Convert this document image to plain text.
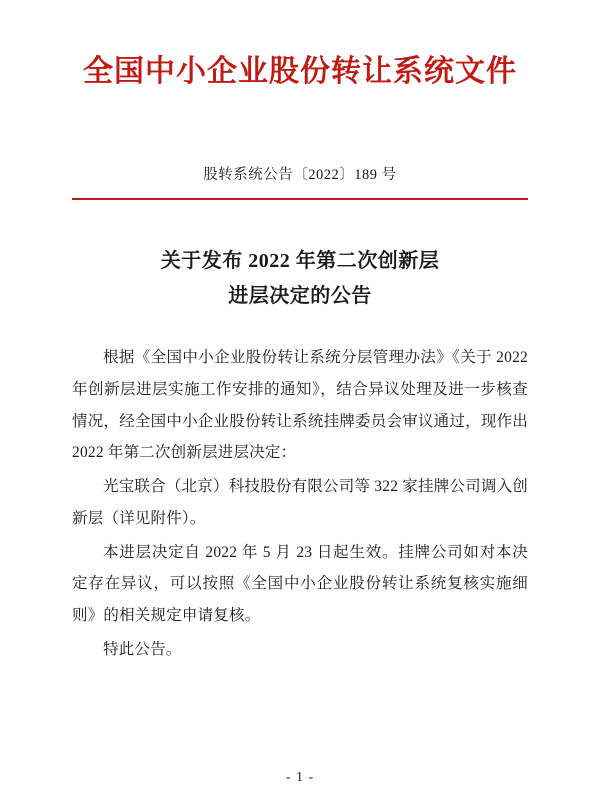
全国中小企业股份转让系统文件
股转系统公告〔2022〕189 号
关于发布 2022 年第二次创新层
进层决定的公告

根据《全国中小企业股份转让系统分层管理办法》《关于 2022 年创新层进层实施工作安排的通知》，结合异议处理及进一步核查情况，经全国中小企业股份转让系统挂牌委员会审议通过，现作出 2022 年第二次创新层进层决定：

光宝联合（北京）科技股份有限公司等 322 家挂牌公司调入创新层（详见附件）。

本进层决定自 2022 年 5 月 23 日起生效。挂牌公司如对本决定存在异议，可以按照《全国中小企业股份转让系统复核实施细则》的相关规定申请复核。

特此公告。

- 1 -
